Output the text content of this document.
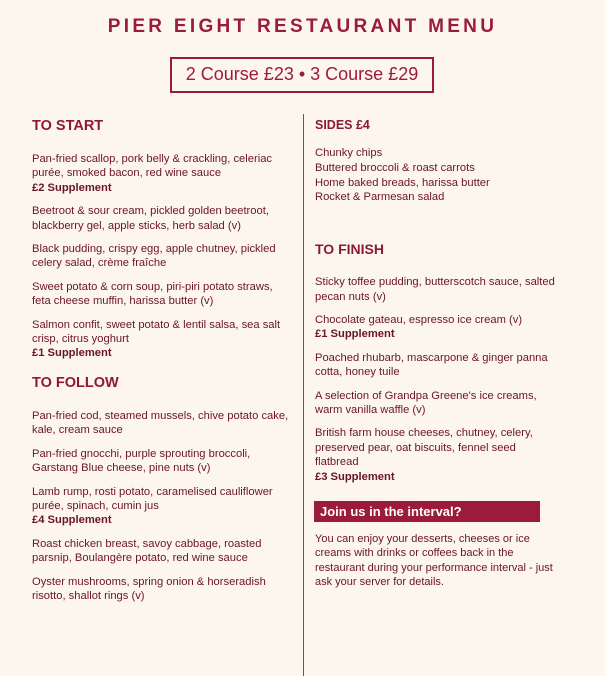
PIER EIGHT RESTAURANT MENU
2 Course £23 • 3 Course £29
TO START
Pan-fried scallop, pork belly & crackling, celeriac purée, smoked bacon, red wine sauce
£2 Supplement
Beetroot & sour cream, pickled golden beetroot, blackberry gel, apple sticks, herb salad (v)
Black pudding, crispy egg, apple chutney, pickled celery salad, crème fraîche
Sweet potato & corn soup, piri-piri potato straws, feta cheese muffin, harissa butter (v)
Salmon confit, sweet potato & lentil salsa, sea salt crisp, citrus yoghurt
£1 Supplement
TO FOLLOW
Pan-fried cod, steamed mussels, chive potato cake, kale, cream sauce
Pan-fried gnocchi, purple sprouting broccoli, Garstang Blue cheese, pine nuts (v)
Lamb rump, rosti potato, caramelised cauliflower purée, spinach, cumin jus
£4 Supplement
Roast chicken breast, savoy cabbage, roasted parsnip, Boulangère potato, red wine sauce
Oyster mushrooms, spring onion & horseradish risotto, shallot rings (v)
SIDES £4
Chunky chips
Buttered broccoli & roast carrots
Home baked breads, harissa butter
Rocket & Parmesan salad
TO FINISH
Sticky toffee pudding, butterscotch sauce, salted pecan nuts (v)
Chocolate gateau, espresso ice cream (v)
£1 Supplement
Poached rhubarb, mascarpone & ginger panna cotta, honey tuile
A selection of Grandpa Greene's ice creams, warm vanilla waffle (v)
British farm house cheeses, chutney, celery, preserved pear, oat biscuits, fennel seed flatbread
£3 Supplement
Join us in the interval?
You can enjoy your desserts, cheeses or ice creams with drinks or coffees back in the restaurant during your performance interval - just ask your server for details.
